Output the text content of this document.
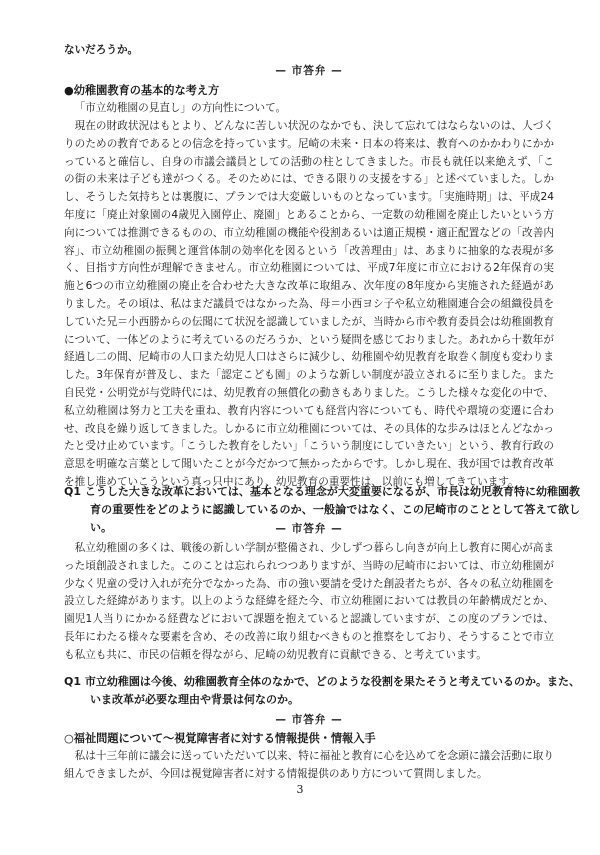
ないだろうか。

— 市答弁 —

●幼稚園教育の基本的な考え方

「市立幼稚園の見直し」の方向性について。

現在の財政状況はもとより、どんなに苦しい状況のなかでも、決して忘れてはならないのは、人づくりのための教育であるとの信念を持っています。尼崎の未来・日本の将来は、教育へのかかわりにかかっていると確信し、自身の市議会議員としての活動の柱としてきました。市長も就任以来絶えず、「この街の未来は子ども達がつくる。そのためには、できる限りの支援をする」と述べていました。しかし、そうした気持ちとは裏腹に、プランでは大変厳しいものとなっています。「実施時期」は、平成24年度に「廃止対象園の4歳児入園停止、廃園」とあることから、一定数の幼稚園を廃止したいという方向については推測できるものの、市立幼稚園の機能や役割あるいは適正規模・適正配置などの「改善内容」、市立幼稚園の振興と運営体制の効率化を図るという「改善理由」は、あまりに抽象的な表現が多く、目指す方向性が理解できません。市立幼稚園については、平成7年度に市立における2年保育の実施と6つの市立幼稚園の廃止を合わせた大きな改革に取組み、次年度の8年度から実施された経過がありました。その頃は、私はまだ議員ではなかった為、母＝小西ヨシ子や私立幼稚園連合会の組織役員をしていた兄＝小西勝からの伝聞にて状況を認識していましたが、当時から市や教育委員会は幼稚園教育について、一体どのように考えているのだろうか、という疑問を感じておりました。あれから十数年が経過し二の間、尼崎市の人口また幼児人口はさらに減少し、幼稚園や幼児教育を取巻く制度も変わりました。3年保育が普及し、また「認定こども園」のような新しい制度が設立されるに至りました。また自民党・公明党が与党時代には、幼児教育の無償化の動きもありました。こうした様々な変化の中で、私立幼稚園は努力と工夫を重ね、教育内容についても経営内容についても、時代や環境の変遷に合わせ、改良を繰り返してきました。しかるに市立幼稚園については、その具体的な歩みはほとんどなかったと受け止めています。「こうした教育をしたい」「こういう制度にしていきたい」という、教育行政の意思を明確な言葉として聞いたことが今だかつて無かったからです。しかし現在、我が国では教育改革を推し進めていこうという真っ只中にあり、幼児教育の重要性は、以前にも増してきています。

Q1 こうした大きな改革においては、基本となる理念が大変重要になるが、市長は幼児教育特に幼稚園教育の重要性をどのように認識しているのか、一般論ではなく、この尼崎市のこととして答えて欲しい。	— 市答弁 —

私立幼稚園の多くは、戦後の新しい学制が整備され、少しずつ暮らし向きが向上し教育に関心が高まった頃創設されました。このことは忘れられつつありますが、当時の尼崎市においては、市立幼稚園が少なく児童の受け入れが充分でなかった為、市の強い要請を受けた創設者たちが、各々の私立幼稚園を設立した経緯があります。以上のような経緯を経た今、市立幼稚園においては教員の年齢構成だとか、園児1人当りにかかる経費などにおいて課題を抱えていると認識していますが、この度のプランでは、長年にわたる様々な要素を含め、その改善に取り組むべきものと推察をしており、そうすることで市立も私立も共に、市民の信頼を得ながら、尼崎の幼児教育に貢献できる、と考えています。

Q1 市立幼稚園は今後、幼稚園教育全体のなかで、どのような役割を果たそうと考えているのか。また、いま改革が必要な理由や背景は何なのか。

— 市答弁 —

○福祉問題について〜視覚障害者に対する情報提供・情報入手

私は十三年前に議会に送っていただいて以来、特に福祉と教育に心を込めてを念頭に議会活動に取り組んできましたが、今回は視覚障害者に対する情報提供のあり方について質問しました。

3
